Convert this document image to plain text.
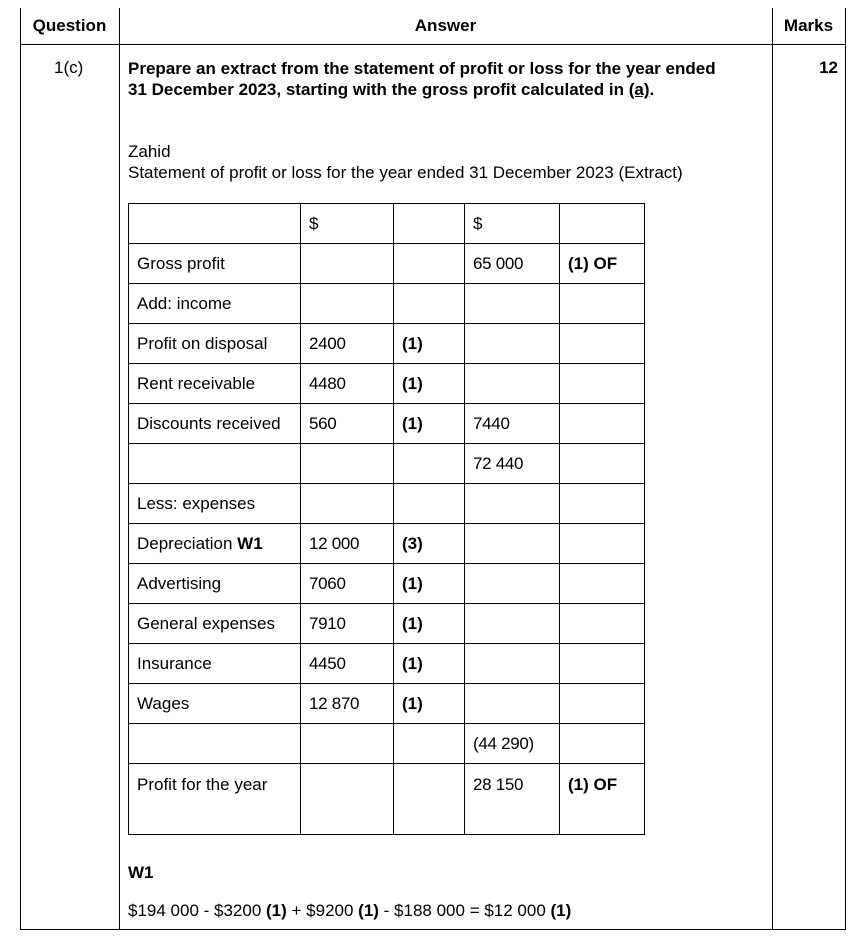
Question	Answer	Marks
1(c)	12
Prepare an extract from the statement of profit or loss for the year ended
31 December 2023, starting with the gross profit calculated in (a).
Zahid
Statement of profit or loss for the year ended 31 December 2023 (Extract)
	$		$	
Gross profit			65 000	(1) OF
Add: income				
Profit on disposal	2400	(1)		
Rent receivable	4480	(1)		
Discounts received	560	(1)	7440	
			72 440	
Less: expenses				
Depreciation W1	12 000	(3)		
Advertising	7060	(1)		
General expenses	7910	(1)		
Insurance	4450	(1)		
Wages	12 870	(1)		
			(44 290)	
Profit for the year			28 150	(1) OF
W1
$194 000 - $3200 (1) + $9200 (1) - $188 000 = $12 000 (1)
